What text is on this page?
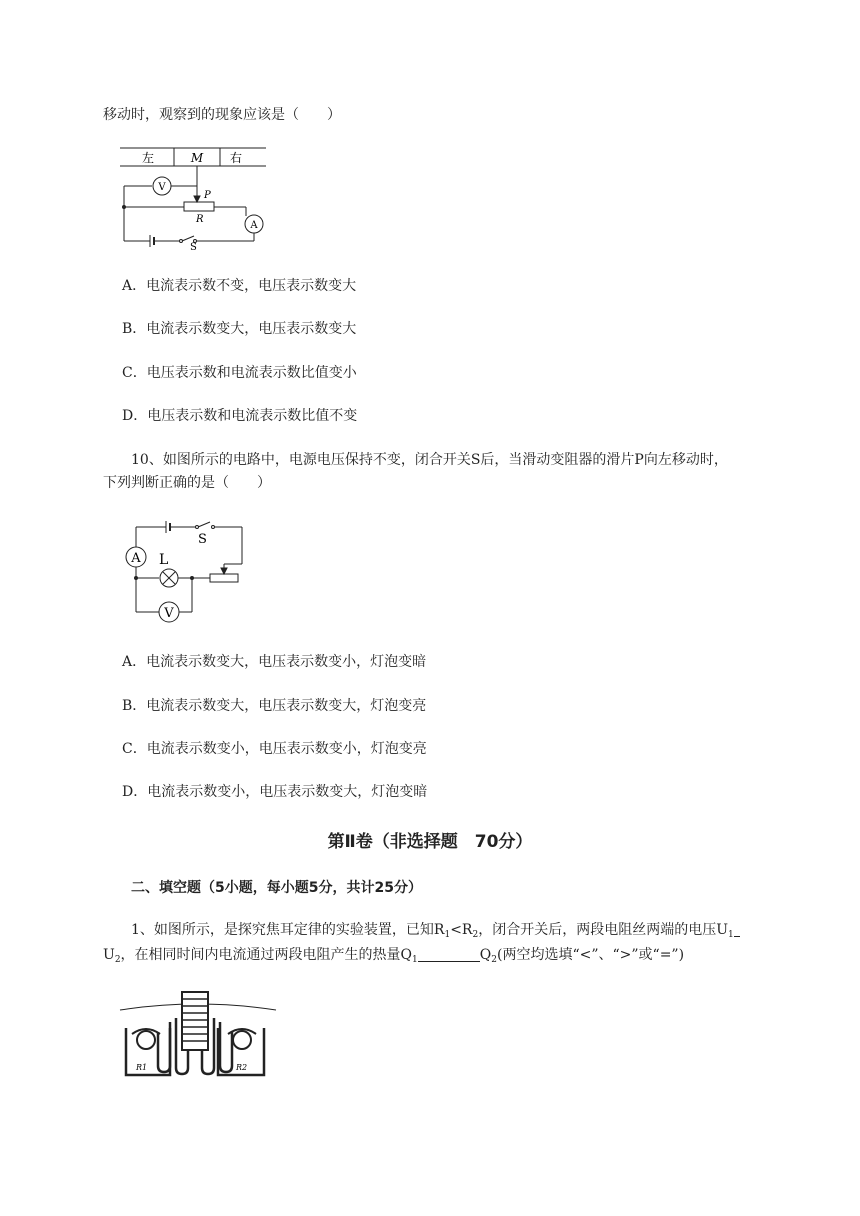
移动时，观察到的现象应该是（　　）
左	M 右
V
A
P
R
S
A．电流表示数不变，电压表示数变大
B．电流表示数变大，电压表示数变大
C．电压表示数和电流表示数比值变小
D．电压表示数和电流表示数比值不变
10、如图所示的电路中，电源电压保持不变，闭合开关S后，当滑动变阻器的滑片P向左移动时，
下列判断正确的是（　　）
A L
S
V
A．电流表示数变大，电压表示数变小，灯泡变暗
B．电流表示数变大，电压表示数变大，灯泡变亮
C．电流表示数变小，电压表示数变小，灯泡变亮
D．电流表示数变小，电压表示数变大，灯泡变暗
第Ⅱ卷（非选择题　70分）
二、填空题（5小题，每小题5分，共计25分）
1、如图所示，是探究焦耳定律的实验装置，已知$R_1<R_2$，闭合开关后，两段电阻丝两端的电压$U_1$
$U_2$，在相同时间内电流通过两段电阻产生的热量$Q_1$	$Q_2$(两空均选填“<”、“>”或“=”)
R1	R2
